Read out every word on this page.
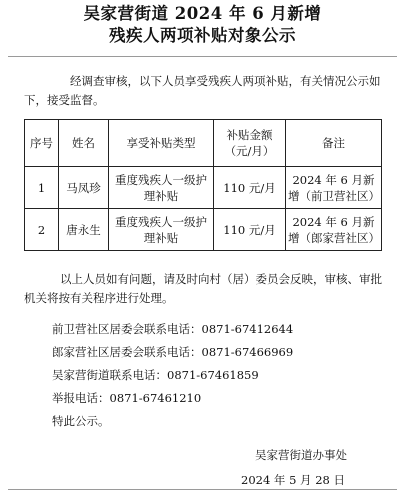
吴家营街道 2024 年 6 月新增
残疾人两项补贴对象公示
经调查审核，以下人员享受残疾人两项补贴，有关情况公示如下，接受监督。
序号	姓名	享受补贴类型	补贴金额（元/月）	备注
1	马凤珍	重度残疾人一级护理补贴	110 元/月	2024 年 6 月新增（前卫营社区）
2	唐永生	重度残疾人一级护理补贴	110 元/月	2024 年 6 月新增（郎家营社区）
以上人员如有问题，请及时向村（居）委员会反映，审核、审批机关将按有关程序进行处理。
前卫营社区居委会联系电话：0871-67412644
郎家营社区居委会联系电话：0871-67466969
吴家营街道联系电话：0871-67461859
举报电话：0871-67461210
特此公示。
吴家营街道办事处
2024 年 5 月 28 日
